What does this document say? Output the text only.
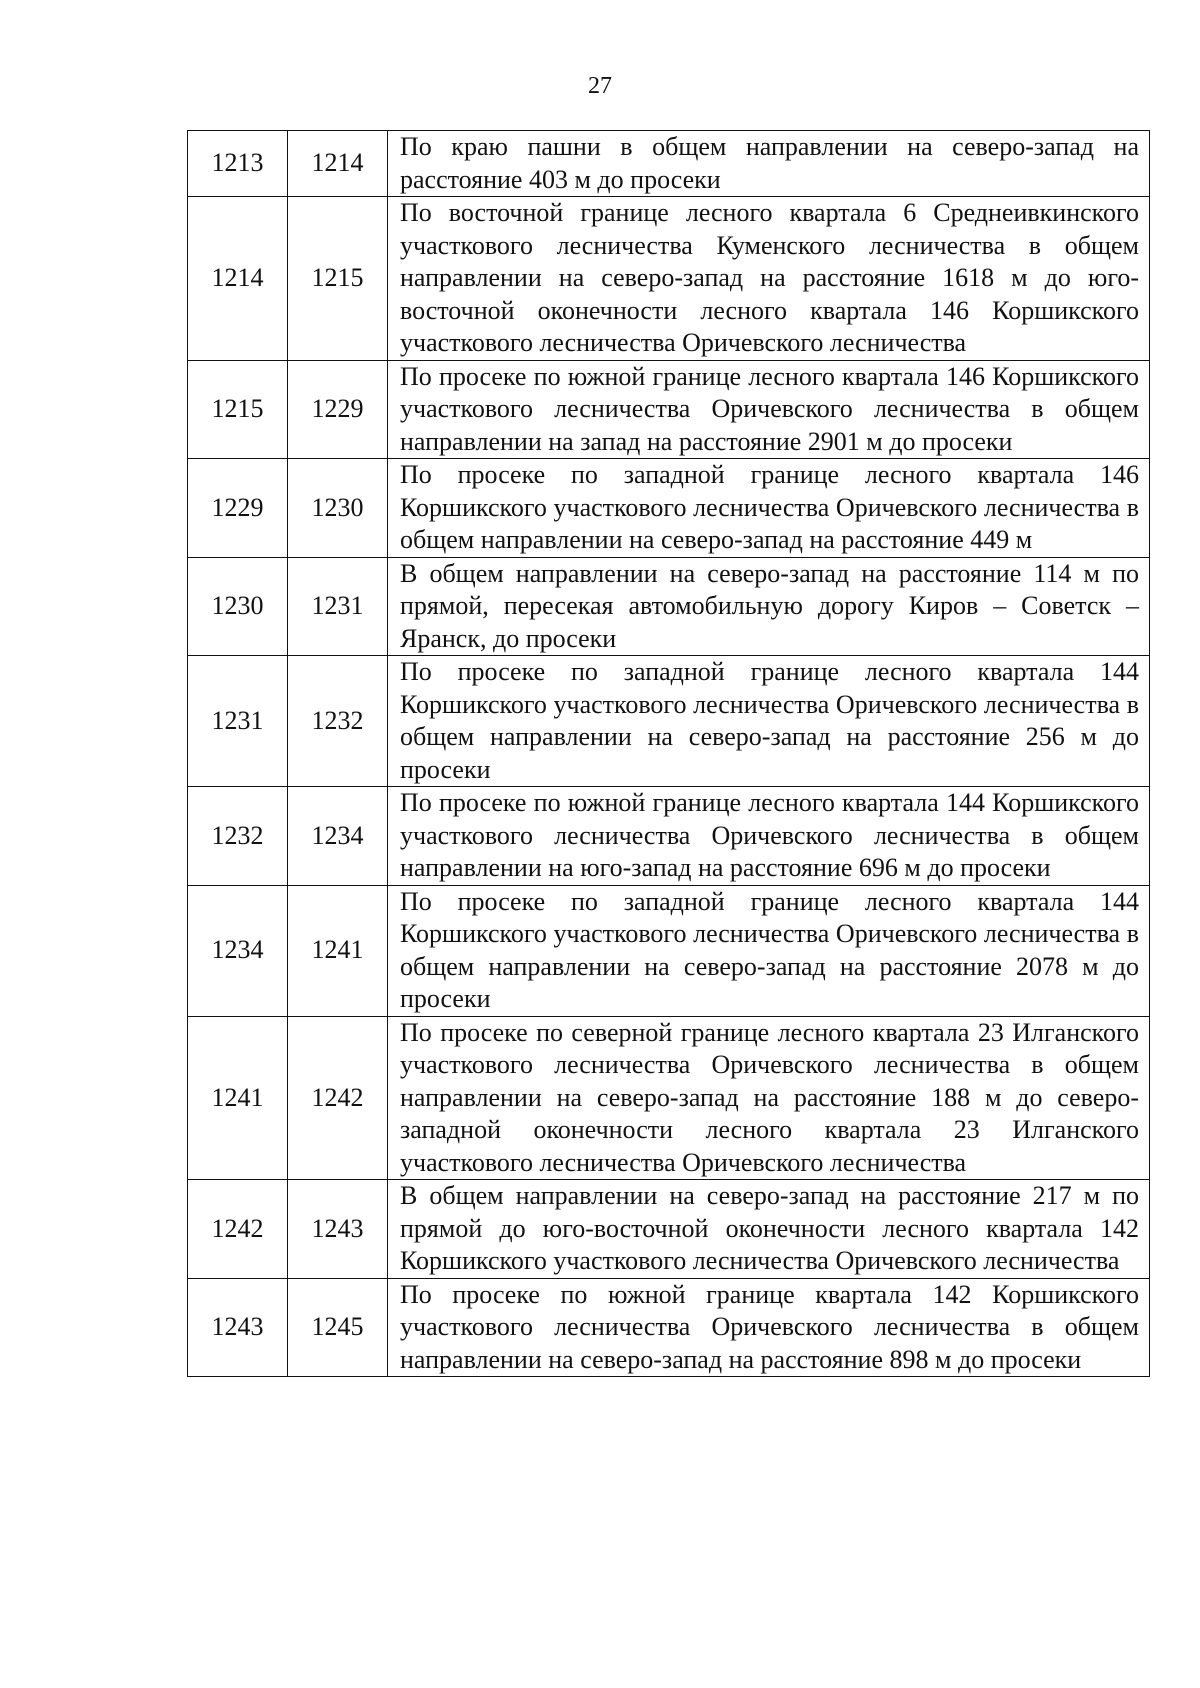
27
1213	1214	По краю пашни в общем направлении на северо-запад на расстояние 403 м до просеки
1214	1215	По восточной границе лесного квартала 6 Среднеивкинского участкового лесничества Куменского лесничества в общем направлении на северо-запад на расстояние 1618 м до юго-восточной оконечности лесного квартала 146 Коршикского участкового лесничества Оричевского лесничества
1215	1229	По просеке по южной границе лесного квартала 146 Коршикского участкового лесничества Оричевского лесничества в общем направлении на запад на расстояние 2901 м до просеки
1229	1230	По просеке по западной границе лесного квартала 146 Коршикского участкового лесничества Оричевского лесничества в общем направлении на северо-запад на расстояние 449 м
1230	1231	В общем направлении на северо-запад на расстояние 114 м по прямой, пересекая автомобильную дорогу Киров – Советск – Яранск, до просеки
1231	1232	По просеке по западной границе лесного квартала 144 Коршикского участкового лесничества Оричевского лесничества в общем направлении на северо-запад на расстояние 256 м до просеки
1232	1234	По просеке по южной границе лесного квартала 144 Коршикского участкового лесничества Оричевского лесничества в общем направлении на юго-запад на расстояние 696 м до просеки
1234	1241	По просеке по западной границе лесного квартала 144 Коршикского участкового лесничества Оричевского лесничества в общем направлении на северо-запад на расстояние 2078 м до просеки
1241	1242	По просеке по северной границе лесного квартала 23 Илганского участкового лесничества Оричевского лесничества в общем направлении на северо-запад на расстояние 188 м до северо-западной оконечности лесного квартала 23 Илганского участкового лесничества Оричевского лесничества
1242	1243	В общем направлении на северо-запад на расстояние 217 м по прямой до юго-восточной оконечности лесного квартала 142 Коршикского участкового лесничества Оричевского лесничества
1243	1245	По просеке по южной границе квартала 142 Коршикского участкового лесничества Оричевского лесничества в общем направлении на северо-запад на расстояние 898 м до просеки
